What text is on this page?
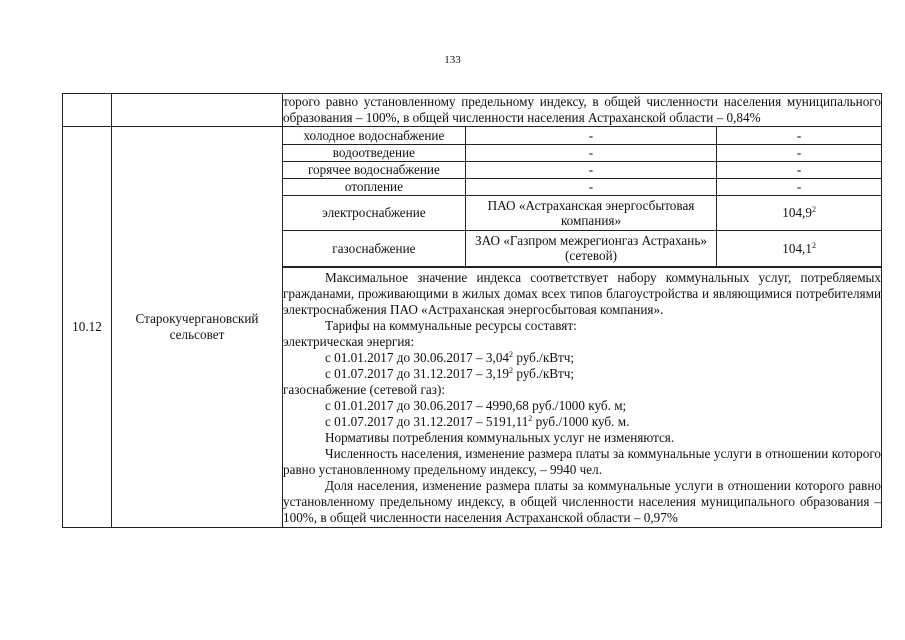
133

торого равно установленному предельному индексу, в общей численности населения муниципального образования – 100%, в общей численности населения Астраханской области – 0,84%

10.12	Старокучергановский сельсовет	
холодное водоснабжение	-	-
водоотведение	-	-
горячее водоснабжение	-	-
отопление	-	-
электроснабжение	ПАО «Астраханская энергосбытовая компания»	104,9$^2$
газоснабжение	ЗАО «Газпром межрегионгаз Астрахань» (сетевой)	104,1$^2$

Максимальное значение индекса соответствует набору коммунальных услуг, потребляемых гражданами, проживающими в жилых домах всех типов благоустройства и являющимися потребителями электроснабжения ПАО «Астраханская энергосбытовая компания».

Тарифы на коммунальные ресурсы составят:

электрическая энергия:

с 01.01.2017 до 30.06.2017 – 3,04$^2$ руб./кВтч;

с 01.07.2017 до 31.12.2017 – 3,19$^2$ руб./кВтч;

газоснабжение (сетевой газ):

с 01.01.2017 до 30.06.2017 – 4990,68 руб./1000 куб. м;

с 01.07.2017 до 31.12.2017 – 5191,11$^2$ руб./1000 куб. м.

Нормативы потребления коммунальных услуг не изменяются.

Численность населения, изменение размера платы за коммунальные услуги в отношении которого равно установленному предельному индексу, – 9940 чел.

Доля населения, изменение размера платы за коммунальные услуги в отношении которого равно установленному предельному индексу, в общей численности населения муниципального образования – 100%, в общей численности населения Астраханской области – 0,97%
